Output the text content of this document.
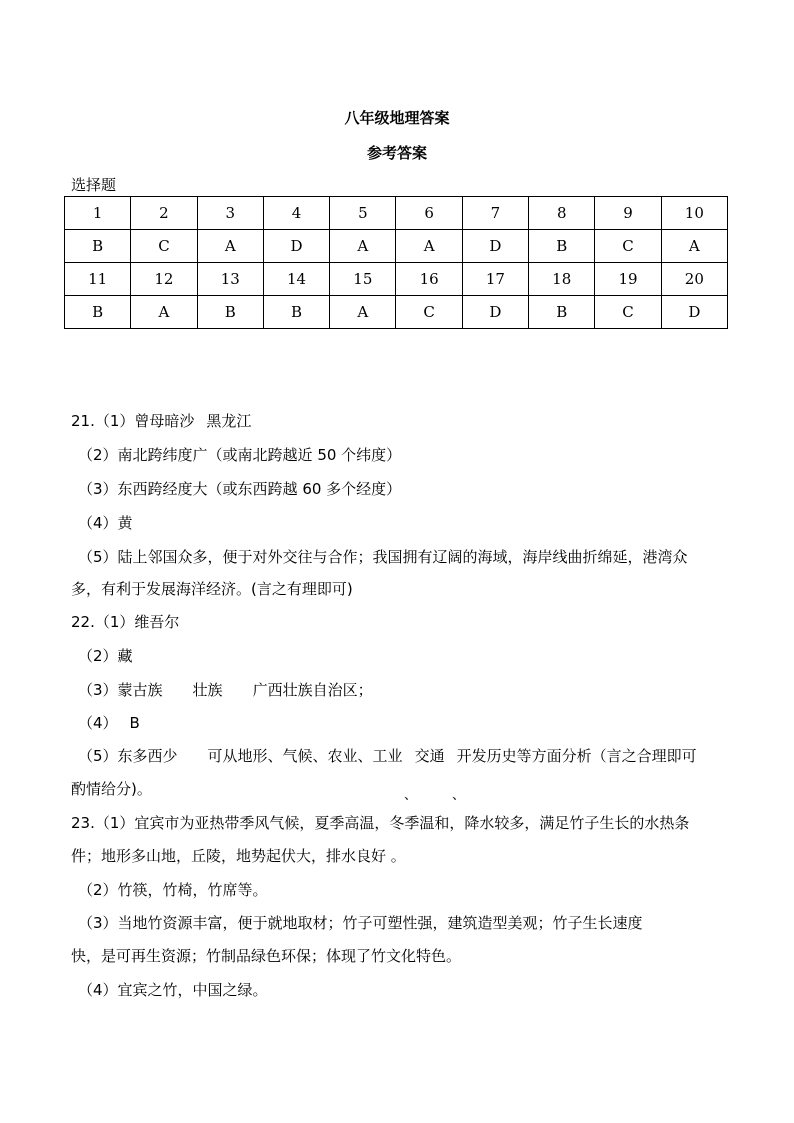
八年级地理答案
参考答案
选择题
1	2	3	4	5	6	7	8	9	10
B	C	A	D	A	A	D	B	C	A
11	12	13	14	15	16	17	18	19	20
B	A	B	B	A	C	D	B	C	D
21.（1）曾母暗沙 黑龙江
（2）南北跨纬度广（或南北跨越近 50 个纬度）
（3）东西跨经度大（或东西跨越 60 多个经度）
（4）黄
（5）陆上邻国众多，便于对外交往与合作；我国拥有辽阔的海域，海岸线曲折绵延，港湾众
多，有利于发展海洋经济。(言之有理即可)
22.（1）维吾尔
（2）藏
（3）蒙古族 壮族 广西壮族自治区；
（4） B
（5）东多西少 可从地形、气候、农业、工业 交通 开发历史等方面分析（言之合理即可
酌情给分)。	、	、
23.（1）宜宾市为亚热带季风气候，夏季高温，冬季温和，降水较多，满足竹子生长的水热条
件；地形多山地，丘陵，地势起伏大，排水良好 。
（2）竹筷，竹椅，竹席等。
（3）当地竹资源丰富，便于就地取材；竹子可塑性强，建筑造型美观；竹子生长速度
快，是可再生资源；竹制品绿色环保；体现了竹文化特色。
（4）宜宾之竹，中国之绿。
